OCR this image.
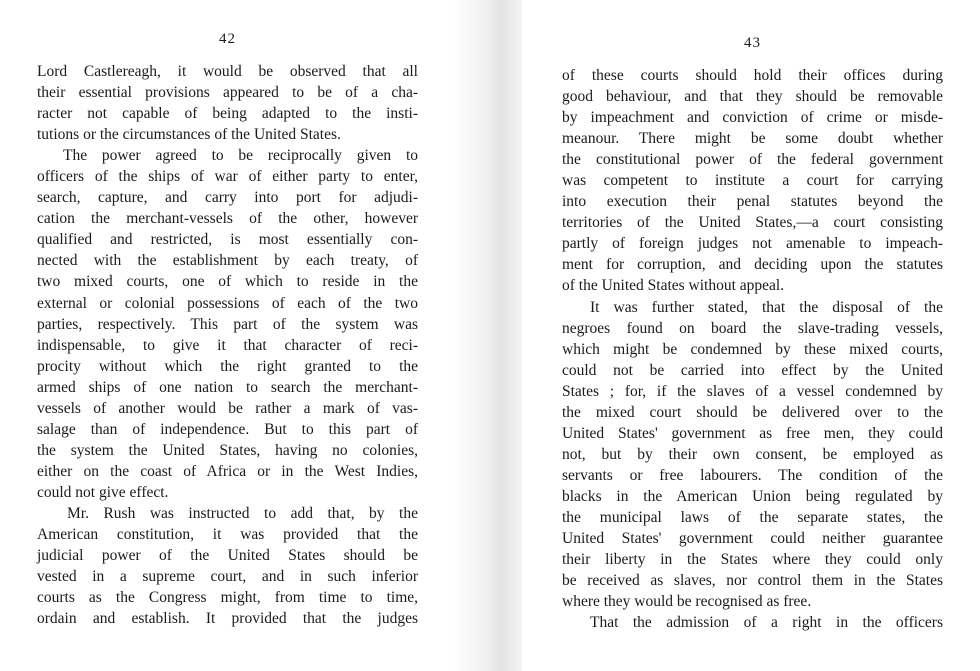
42
Lord Castlereagh, it would be observed that all
their essential provisions appeared to be of a cha-
racter not capable of being adapted to the insti-
tutions or the circumstances of the United States.
The power agreed to be reciprocally given to
officers of the ships of war of either party to enter,
search, capture, and carry into port for adjudi-
cation the merchant-vessels of the other, however
qualified and restricted, is most essentially con-
nected with the establishment by each treaty, of
two mixed courts, one of which to reside in the
external or colonial possessions of each of the two
parties, respectively. This part of the system was
indispensable, to give it that character of reci-
procity without which the right granted to the
armed ships of one nation to search the merchant-
vessels of another would be rather a mark of vas-
salage than of independence. But to this part of
the system the United States, having no colonies,
either on the coast of Africa or in the West Indies,
could not give effect.
Mr. Rush was instructed to add that, by the
American constitution, it was provided that the
judicial power of the United States should be
vested in a supreme court, and in such inferior
courts as the Congress might, from time to time,
ordain and establish. It provided that the judges
43
of these courts should hold their offices during
good behaviour, and that they should be removable
by impeachment and conviction of crime or misde-
meanour. There might be some doubt whether
the constitutional power of the federal government
was competent to institute a court for carrying
into execution their penal statutes beyond the
territories of the United States,—a court consisting
partly of foreign judges not amenable to impeach-
ment for corruption, and deciding upon the statutes
of the United States without appeal.
It was further stated, that the disposal of the
negroes found on board the slave-trading vessels,
which might be condemned by these mixed courts,
could not be carried into effect by the United
States ; for, if the slaves of a vessel condemned by
the mixed court should be delivered over to the
United States' government as free men, they could
not, but by their own consent, be employed as
servants or free labourers. The condition of the
blacks in the American Union being regulated by
the municipal laws of the separate states, the
United States' government could neither guarantee
their liberty in the States where they could only
be received as slaves, nor control them in the States
where they would be recognised as free.
That the admission of a right in the officers
